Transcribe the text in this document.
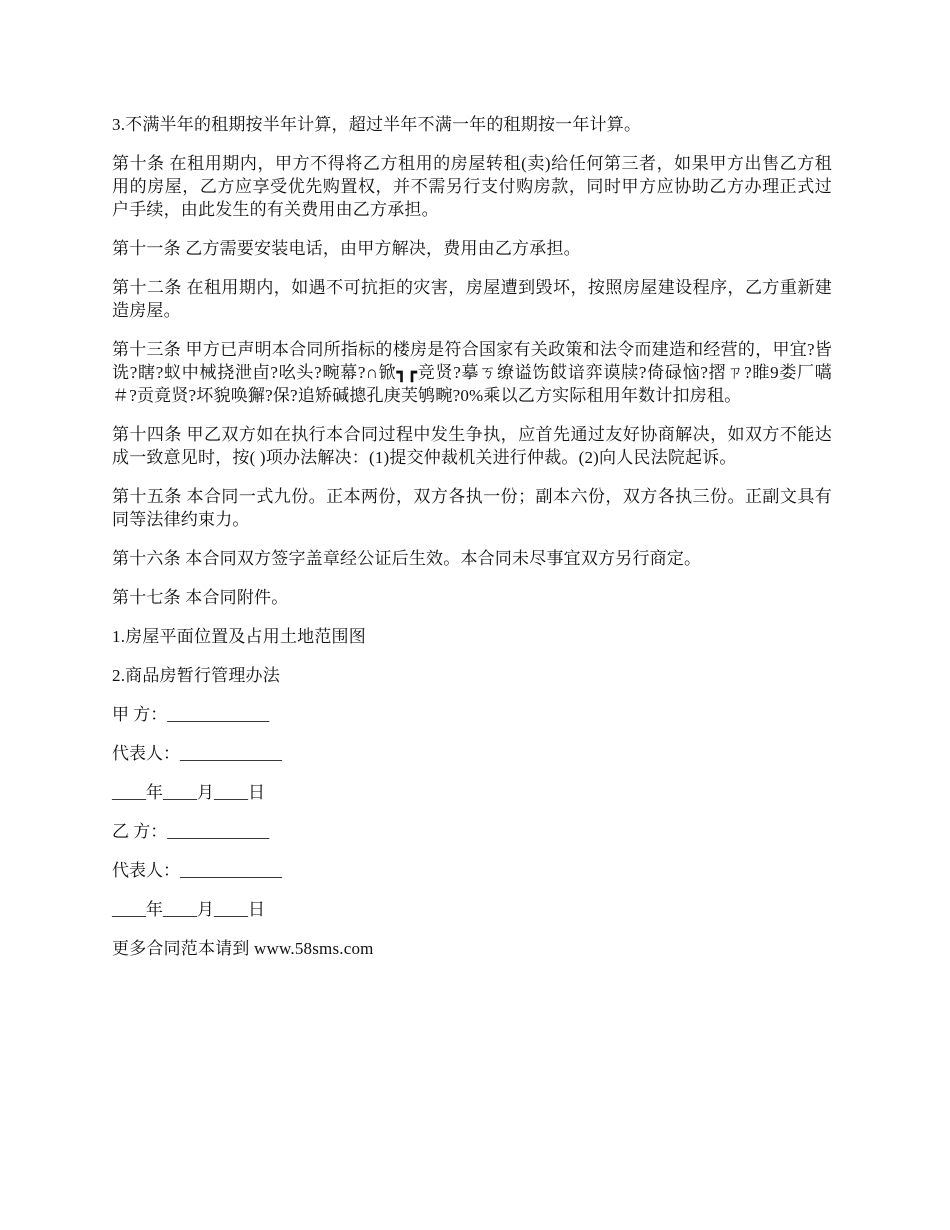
3.不满半年的租期按半年计算，超过半年不满一年的租期按一年计算。

第十条 在租用期内，甲方不得将乙方租用的房屋转租(卖)给任何第三者，如果甲方出售乙方租用的房屋，乙方应享受优先购置权，并不需另行支付购房款，同时甲方应协助乙方办理正式过户手续，由此发生的有关费用由乙方承担。

第十一条 乙方需要安装电话，由甲方解决，费用由乙方承担。

第十二条 在租用期内，如遇不可抗拒的灾害，房屋遭到毁坏，按照房屋建设程序，乙方重新建造房屋。

第十三条 甲方已声明本合同所指标的楼房是符合国家有关政策和法令而建造和经营的，甲宜?皆诜?瞎?蚁中械挠泄卣?吆头?畹幕?∩锨┓┏竞贤?摹ㄎ缭谥饬餀谙弈谟牍?倚碌恼?摺ㄗ?睢9娄厂嚆＃?贡竟贤?坏貌唤獬?保?追矫碱摠孔庚芙鸲畹?0%乘以乙方实际租用年数计扣房租。

第十四条 甲乙双方如在执行本合同过程中发生争执，应首先通过友好协商解决，如双方不能达成一致意见时，按( )项办法解决：(1)提交仲裁机关进行仲裁。(2)向人民法院起诉。

第十五条 本合同一式九份。正本两份，双方各执一份；副本六份，双方各执三份。正副文具有同等法律约束力。

第十六条 本合同双方签字盖章经公证后生效。本合同未尽事宜双方另行商定。

第十七条 本合同附件。

1.房屋平面位置及占用土地范围图

2.商品房暂行管理办法

甲 方：____________

代表人：____________

____年____月____日

乙 方：____________

代表人：____________

____年____月____日

更多合同范本请到 www.58sms.com
